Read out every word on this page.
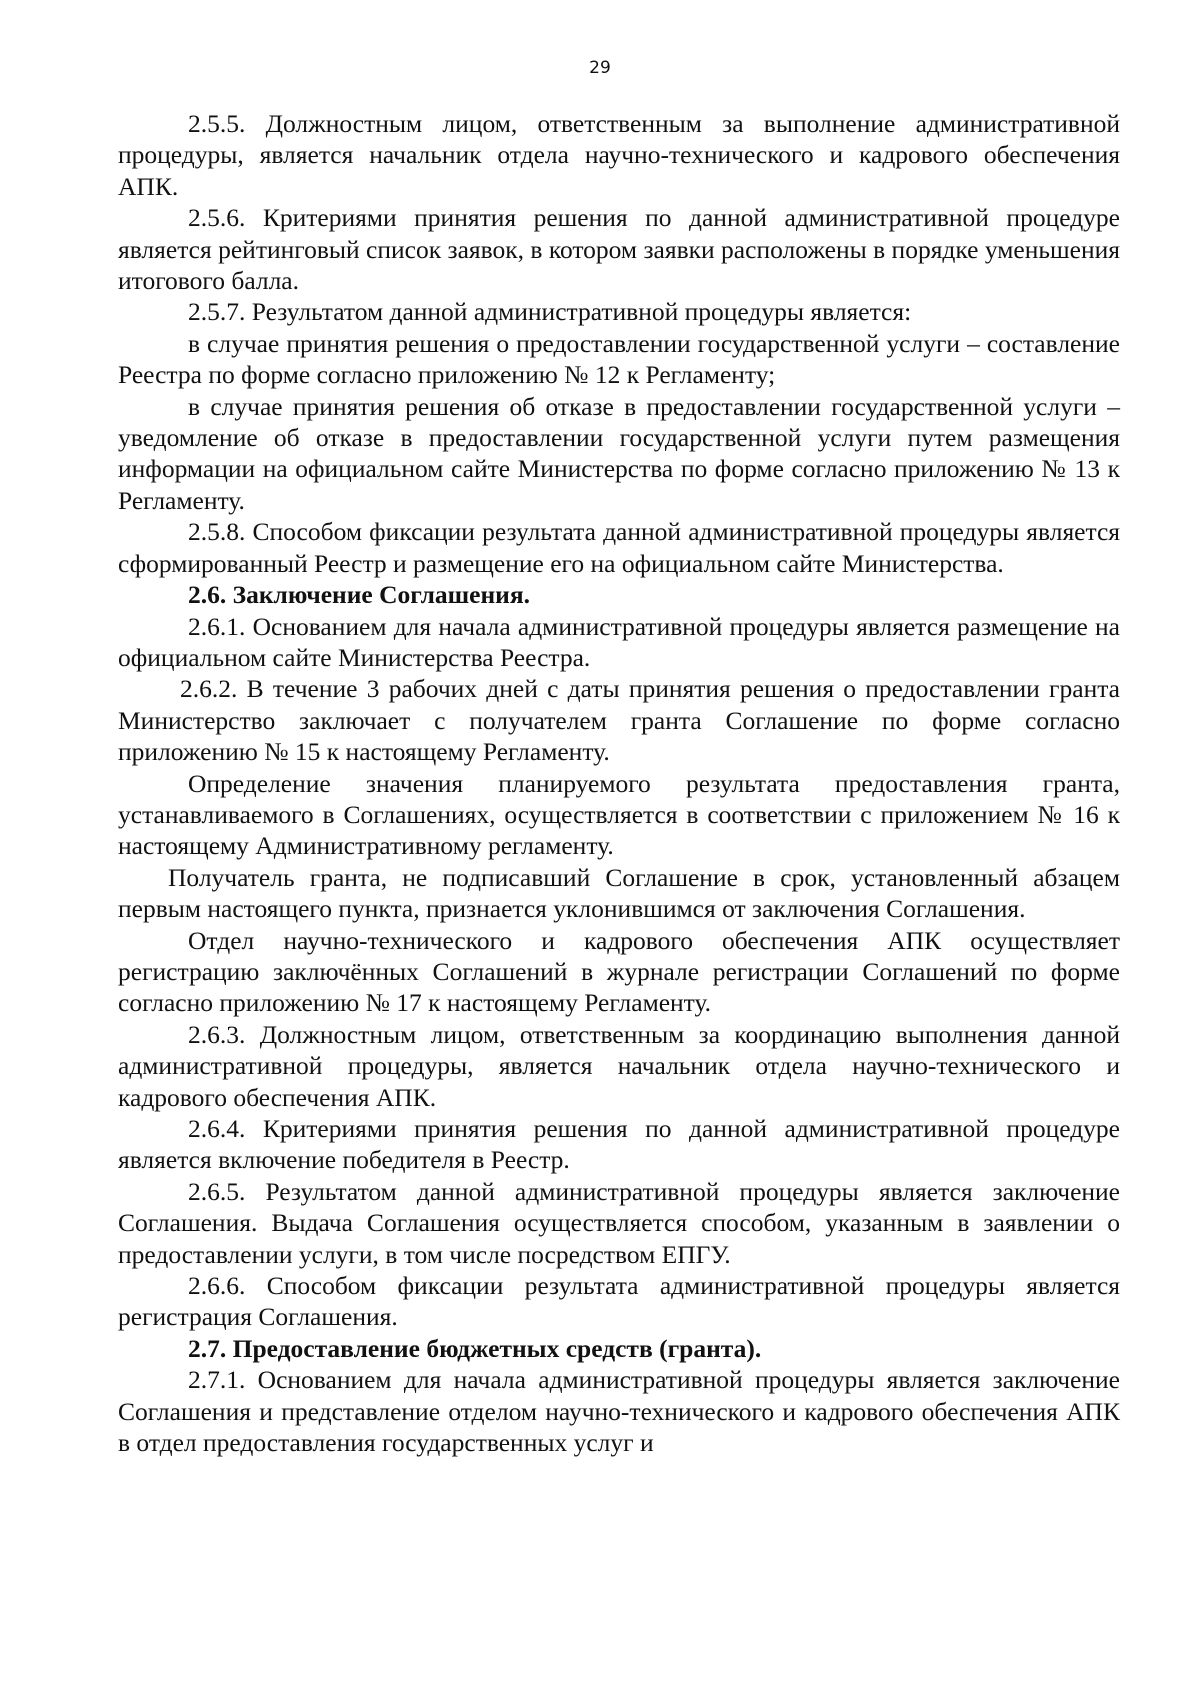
29

2.5.5. Должностным лицом, ответственным за выполнение административной процедуры, является начальник отдела научно-технического и кадрового обеспечения АПК.

2.5.6. Критериями принятия решения по данной административной процедуре является рейтинговый список заявок, в котором заявки расположены в порядке уменьшения итогового балла.

2.5.7. Результатом данной административной процедуры является:

в случае принятия решения о предоставлении государственной услуги – составление Реестра по форме согласно приложению № 12 к Регламенту;

в случае принятия решения об отказе в предоставлении государственной услуги – уведомление об отказе в предоставлении государственной услуги путем размещения информации на официальном сайте Министерства по форме согласно приложению № 13 к Регламенту.

2.5.8. Способом фиксации результата данной административной процедуры является сформированный Реестр и размещение его на официальном сайте Министерства.

2.6. Заключение Соглашения.

2.6.1. Основанием для начала административной процедуры является размещение на официальном сайте Министерства Реестра.

2.6.2. В течение 3 рабочих дней с даты принятия решения о предоставлении гранта Министерство заключает с получателем гранта Соглашение по форме согласно приложению № 15 к настоящему Регламенту.

Определение значения планируемого результата предоставления гранта, устанавливаемого в Соглашениях, осуществляется в соответствии с приложением № 16 к настоящему Административному регламенту.

Получатель гранта, не подписавший Соглашение в срок, установленный абзацем первым настоящего пункта, признается уклонившимся от заключения Соглашения.

Отдел научно-технического и кадрового обеспечения АПК осуществляет регистрацию заключённых Соглашений в журнале регистрации Соглашений по форме согласно приложению № 17 к настоящему Регламенту.

2.6.3. Должностным лицом, ответственным за координацию выполнения данной административной процедуры, является начальник отдела научно-технического и кадрового обеспечения АПК.

2.6.4. Критериями принятия решения по данной административной процедуре является включение победителя в Реестр.

2.6.5. Результатом данной административной процедуры является заключение Соглашения. Выдача Соглашения осуществляется способом, указанным в заявлении о предоставлении услуги, в том числе посредством ЕПГУ.

2.6.6. Способом фиксации результата административной процедуры является регистрация Соглашения.

2.7. Предоставление бюджетных средств (гранта).

2.7.1. Основанием для начала административной процедуры является заключение Соглашения и представление отделом научно-технического и кадрового обеспечения АПК в отдел предоставления государственных услуг и
